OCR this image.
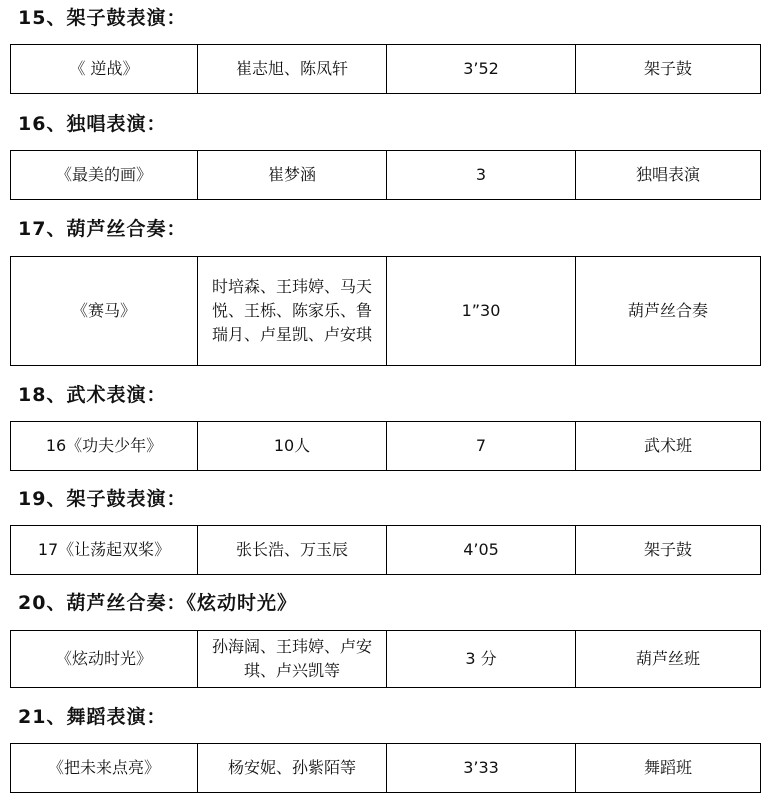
15、架子鼓表演：
《 逆战》	崔志旭、陈凤轩	3’52	架子鼓
16、独唱表演：
《最美的画》	崔梦涵	3	独唱表演
17、葫芦丝合奏：
《赛马》	时培森、王玮婷、马天悦、王栎、陈家乐、鲁瑞月、卢星凯、卢安琪	1”30	葫芦丝合奏
18、武术表演：
16《功夫少年》	10人	7	武术班
19、架子鼓表演：
17《让荡起双桨》	张长浩、万玉辰	4’05	架子鼓
20、葫芦丝合奏：《炫动时光》
《炫动时光》	孙海阔、王玮婷、卢安琪、卢兴凯等	3 分	葫芦丝班
21、舞蹈表演：
《把未来点亮》	杨安妮、孙紫陌等	3’33	舞蹈班
